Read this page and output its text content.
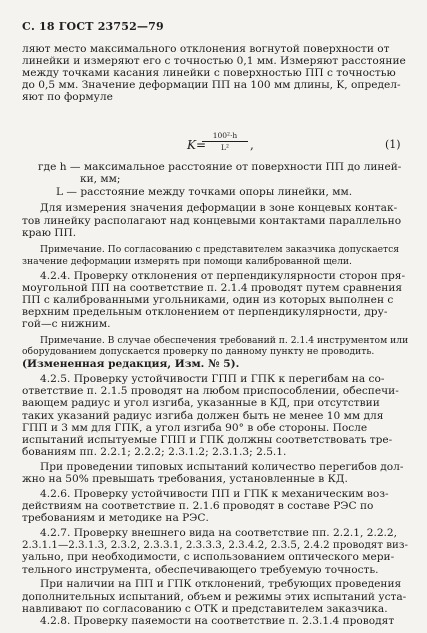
С. 18 ГОСТ 23752—79
ляют место максимального отклонения вогнутой поверхности от
линейки и измеряют его с точностью 0,1 мм. Измеряют расстояние
между точками касания линейки с поверхностью ПП с точностью
до 0,5 мм. Значение деформации ПП на 100 мм длины, K, определ-
яют по формуле
K=
$\frac{\text{100²·h}}{\text{L²}}$ ,	(1)
где h — максимальное расстояние от поверхности ПП до линей-
ки, мм;
L — расстояние между точками опоры линейки, мм.
Для измерения значения деформации в зоне концевых контак-
тов линейку располагают над концевыми контактами параллельно
краю ПП.
Примечание. По согласованию с представителем заказчика допускается
значение деформации измерять при помощи калиброванной щели.
4.2.4. Проверку отклонения от перпендикулярности сторон пря-
моугольной ПП на соответствие п. 2.1.4 проводят путем сравнения
ПП с калиброванными угольниками, один из которых выполнен с
верхним предельным отклонением от перпендикулярности, дру-
гой—с нижним.
Примечание. В случае обеспечения требований п. 2.1.4 инструментом или
оборудованием допускается проверку по данному пункту не проводить.
(Измененная редакция, Изм. № 5).
4.2.5. Проверку устойчивости ГПП и ГПК к перегибам на со-
ответствие п. 2.1.5 проводят на любом приспособлении, обеспечи-
вающем радиус и угол изгиба, указанные в КД, при отсутствии
таких указаний радиус изгиба должен быть не менее 10 мм для
ГПП и 3 мм для ГПК, а угол изгиба 90° в обе стороны. После
испытаний испытуемые ГПП и ГПК должны соответствовать тре-
бованиям пп. 2.2.1; 2.2.2; 2.3.1.2; 2.3.1.3; 2.5.1.
При проведении типовых испытаний количество перегибов дол-
жно на 50% превышать требования, установленные в КД.
4.2.6. Проверку устойчивости ПП и ГПК к механическим воз-
действиям на соответствие п. 2.1.6 проводят в составе РЭС по
требованиям и методике на РЭС.
4.2.7. Проверку внешнего вида на соответствие пп. 2.2.1, 2.2.2,
2.3.1.1—2.3.1.3, 2.3.2, 2.3.3.1, 2.3.3.3, 2.3.4.2, 2.3.5, 2.4.2 проводят виз-
уально, при необходимости, с использованием оптического мери-
тельного инструмента, обеспечивающего требуемую точность.
При наличии на ПП и ГПК отклонений, требующих проведения
дополнительных испытаний, объем и режимы этих испытаний уста-
навливают по согласованию с ОТК и представителем заказчика.
4.2.8. Проверку паяемости на соответствие п. 2.3.1.4 проводят
